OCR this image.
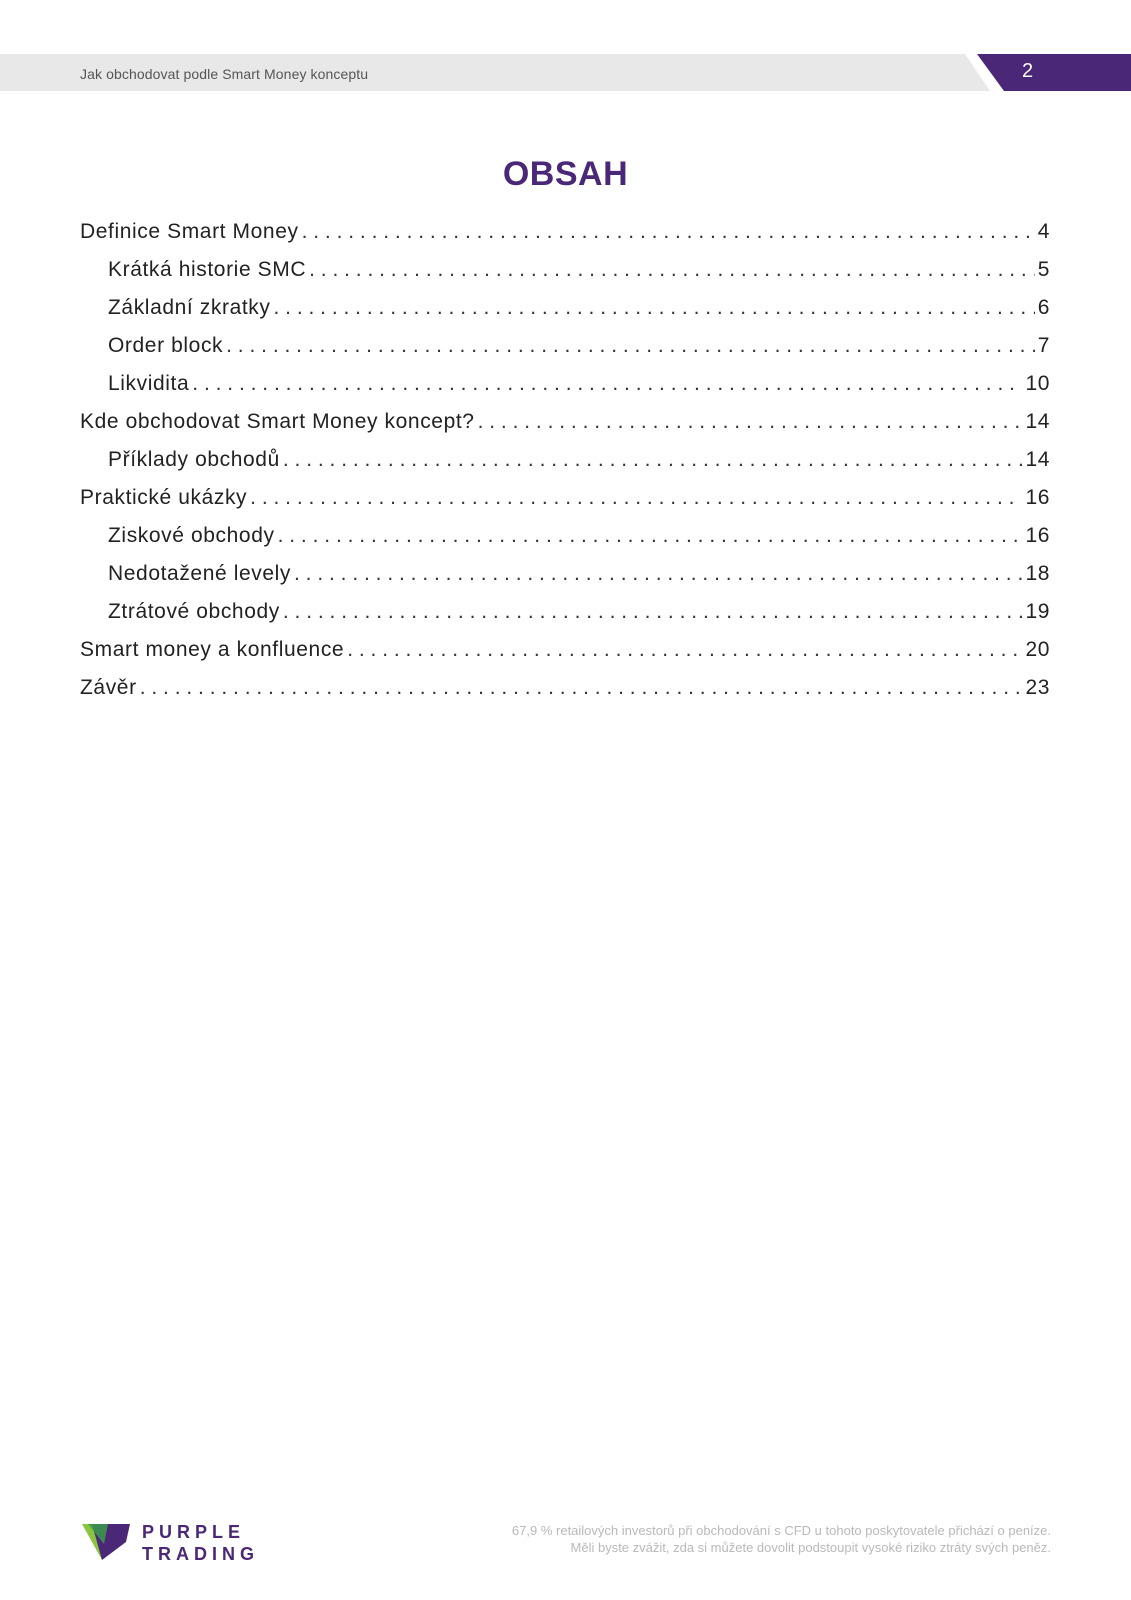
Jak obchodovat podle Smart Money konceptu	2
OBSAH
Definice Smart Money . . .	4
Krátká historie SMC . . .	5
Základní zkratky . . .	6
Order block . . .	7
Likvidita . . .	10
Kde obchodovat Smart Money koncept? . . .	14
Příklady obchodů . . .	14
Praktické ukázky . . .	16
Ziskové obchody . . .	16
Nedotažené levely . . .	18
Ztrátové obchody . . .	19
Smart money a konfluence . . .	20
Závěr . . .	23
PURPLE
TRADING
67,9 % retailových investorů při obchodování s CFD u tohoto poskytovatele přichází o peníze.
Měli byste zvážit, zda si můžete dovolit podstoupit vysoké riziko ztráty svých peněz.
